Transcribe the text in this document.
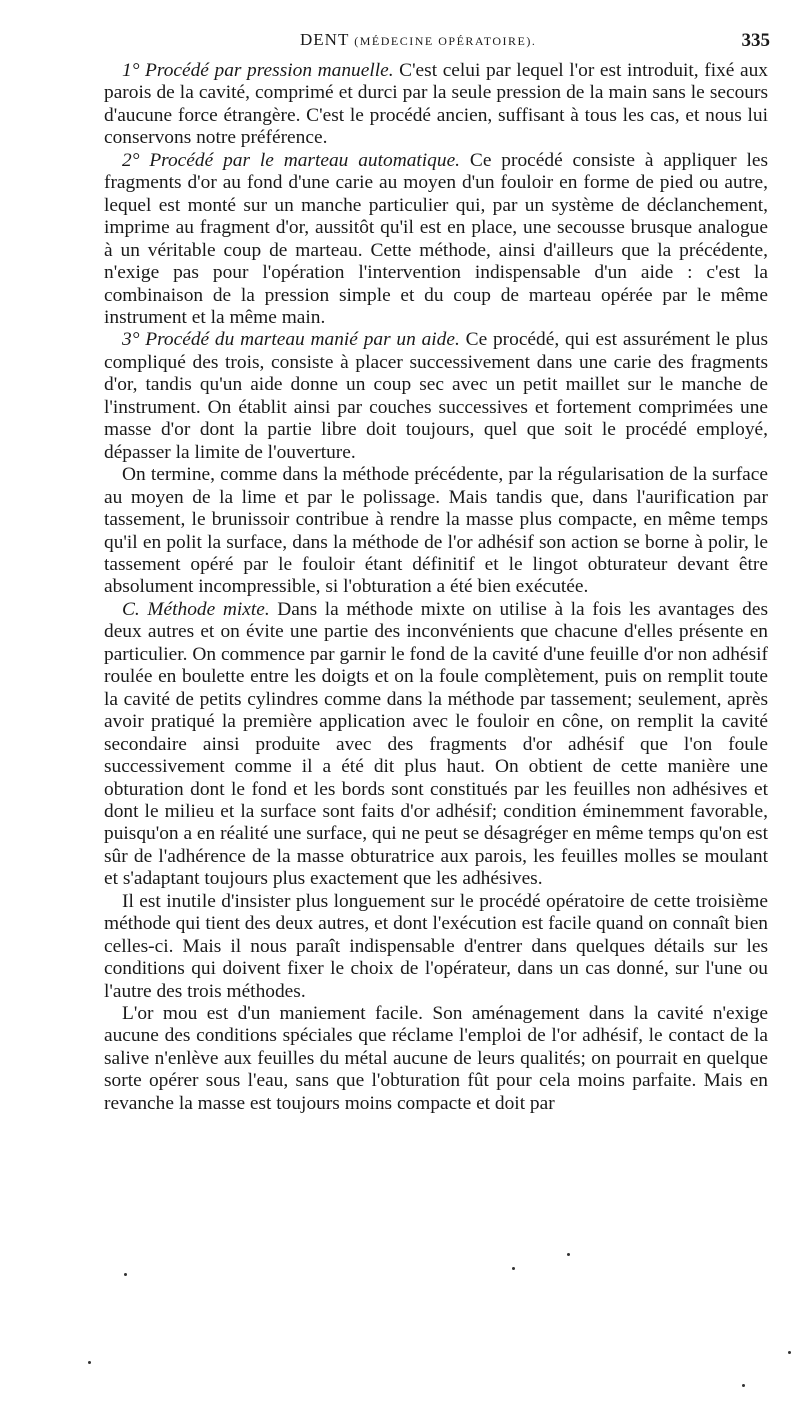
DENT (MÉDECINE OPÉRATOIRE).	335

1° Procédé par pression manuelle. C'est celui par lequel l'or est introduit, fixé aux parois de la cavité, comprimé et durci par la seule pression de la main sans le secours d'aucune force étrangère. C'est le procédé ancien, suffisant à tous les cas, et nous lui conservons notre préférence.

2° Procédé par le marteau automatique. Ce procédé consiste à appliquer les fragments d'or au fond d'une carie au moyen d'un fouloir en forme de pied ou autre, lequel est monté sur un manche particulier qui, par un système de déclanchement, imprime au fragment d'or, aussitôt qu'il est en place, une secousse brusque analogue à un véritable coup de marteau. Cette méthode, ainsi d'ailleurs que la précédente, n'exige pas pour l'opération l'intervention indispensable d'un aide : c'est la combinaison de la pression simple et du coup de marteau opérée par le même instrument et la même main.

3° Procédé du marteau manié par un aide. Ce procédé, qui est assurément le plus compliqué des trois, consiste à placer successivement dans une carie des fragments d'or, tandis qu'un aide donne un coup sec avec un petit maillet sur le manche de l'instrument. On établit ainsi par couches successives et fortement comprimées une masse d'or dont la partie libre doit toujours, quel que soit le procédé employé, dépasser la limite de l'ouverture.

On termine, comme dans la méthode précédente, par la régularisation de la surface au moyen de la lime et par le polissage. Mais tandis que, dans l'aurification par tassement, le brunissoir contribue à rendre la masse plus compacte, en même temps qu'il en polit la surface, dans la méthode de l'or adhésif son action se borne à polir, le tassement opéré par le fouloir étant définitif et le lingot obturateur devant être absolument incompressible, si l'obturation a été bien exécutée.

C. Méthode mixte. Dans la méthode mixte on utilise à la fois les avantages des deux autres et on évite une partie des inconvénients que chacune d'elles présente en particulier. On commence par garnir le fond de la cavité d'une feuille d'or non adhésif roulée en boulette entre les doigts et on la foule complètement, puis on remplit toute la cavité de petits cylindres comme dans la méthode par tassement; seulement, après avoir pratiqué la première application avec le fouloir en cône, on remplit la cavité secondaire ainsi produite avec des fragments d'or adhésif que l'on foule successivement comme il a été dit plus haut. On obtient de cette manière une obturation dont le fond et les bords sont constitués par les feuilles non adhésives et dont le milieu et la surface sont faits d'or adhésif; condition éminemment favorable, puisqu'on a en réalité une surface, qui ne peut se désagréger en même temps qu'on est sûr de l'adhérence de la masse obturatrice aux parois, les feuilles molles se moulant et s'adaptant toujours plus exactement que les adhésives.

Il est inutile d'insister plus longuement sur le procédé opératoire de cette troisième méthode qui tient des deux autres, et dont l'exécution est facile quand on connaît bien celles-ci. Mais il nous paraît indispensable d'entrer dans quelques détails sur les conditions qui doivent fixer le choix de l'opérateur, dans un cas donné, sur l'une ou l'autre des trois méthodes.

L'or mou est d'un maniement facile. Son aménagement dans la cavité n'exige aucune des conditions spéciales que réclame l'emploi de l'or adhésif, le contact de la salive n'enlève aux feuilles du métal aucune de leurs qualités; on pourrait en quelque sorte opérer sous l'eau, sans que l'obturation fût pour cela moins parfaite. Mais en revanche la masse est toujours moins compacte et doit par
